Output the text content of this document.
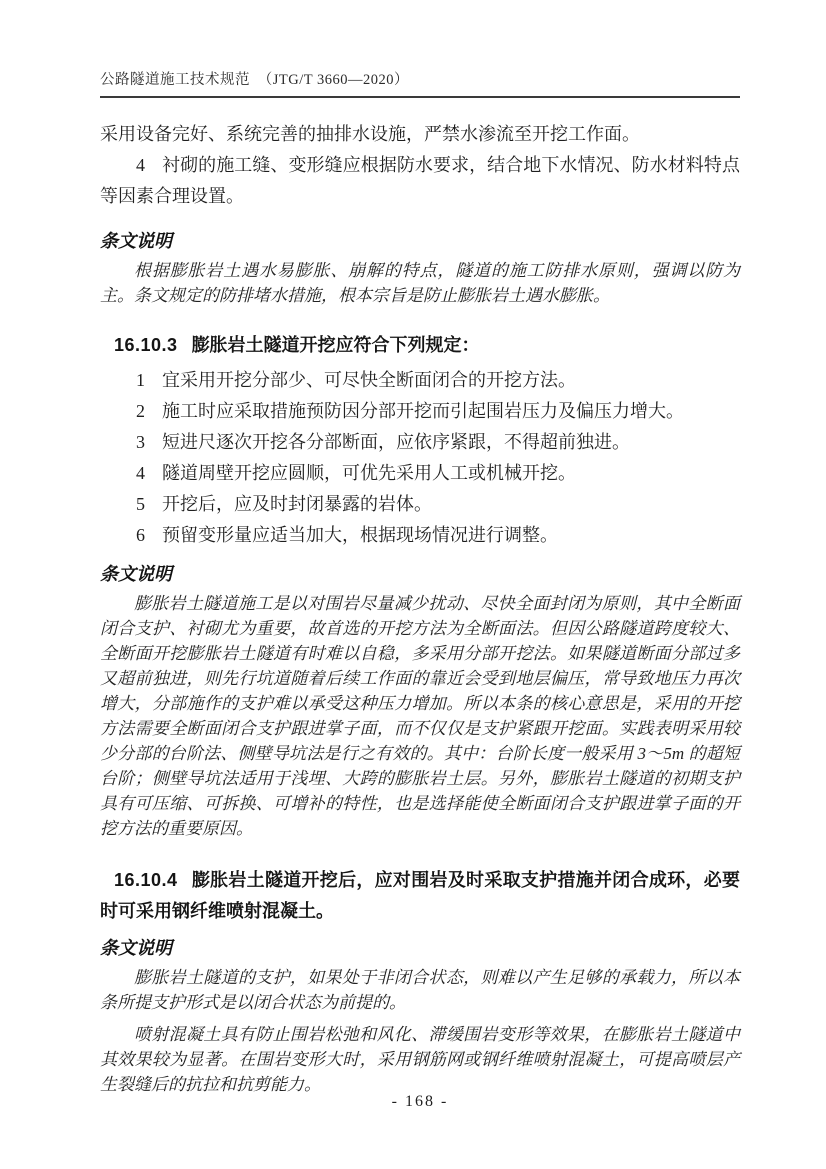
公路隧道施工技术规范　（JTG/T 3660—2020）

采用设备完好、系统完善的抽排水设施，严禁水渗流至开挖工作面。

4 衬砌的施工缝、变形缝应根据防水要求，结合地下水情况、防水材料特点等因素合理设置。

条文说明

根据膨胀岩土遇水易膨胀、崩解的特点，隧道的施工防排水原则，强调以防为主。条文规定的防排堵水措施，根本宗旨是防止膨胀岩土遇水膨胀。

16.10.3 膨胀岩土隧道开挖应符合下列规定：

1 宜采用开挖分部少、可尽快全断面闭合的开挖方法。

2 施工时应采取措施预防因分部开挖而引起围岩压力及偏压力增大。

3 短进尺逐次开挖各分部断面，应依序紧跟，不得超前独进。

4 隧道周壁开挖应圆顺，可优先采用人工或机械开挖。

5 开挖后，应及时封闭暴露的岩体。

6 预留变形量应适当加大，根据现场情况进行调整。

条文说明

膨胀岩土隧道施工是以对围岩尽量减少扰动、尽快全面封闭为原则，其中全断面闭合支护、衬砌尤为重要，故首选的开挖方法为全断面法。但因公路隧道跨度较大、全断面开挖膨胀岩土隧道有时难以自稳，多采用分部开挖法。如果隧道断面分部过多又超前独进，则先行坑道随着后续工作面的靠近会受到地层偏压，常导致地压力再次增大，分部施作的支护难以承受这种压力增加。所以本条的核心意思是，采用的开挖方法需要全断面闭合支护跟进掌子面，而不仅仅是支护紧跟开挖面。实践表明采用较少分部的台阶法、侧壁导坑法是行之有效的。其中：台阶长度一般采用 3～5m 的超短台阶；侧壁导坑法适用于浅埋、大跨的膨胀岩土层。另外，膨胀岩土隧道的初期支护具有可压缩、可拆换、可增补的特性，也是选择能使全断面闭合支护跟进掌子面的开挖方法的重要原因。

16.10.4 膨胀岩土隧道开挖后，应对围岩及时采取支护措施并闭合成环，必要时可采用钢纤维喷射混凝土。

条文说明

膨胀岩土隧道的支护，如果处于非闭合状态，则难以产生足够的承载力，所以本条所提支护形式是以闭合状态为前提的。

喷射混凝土具有防止围岩松弛和风化、滞缓围岩变形等效果，在膨胀岩土隧道中其效果较为显著。在围岩变形大时，采用钢筋网或钢纤维喷射混凝土，可提高喷层产生裂缝后的抗拉和抗剪能力。

- 168 -
